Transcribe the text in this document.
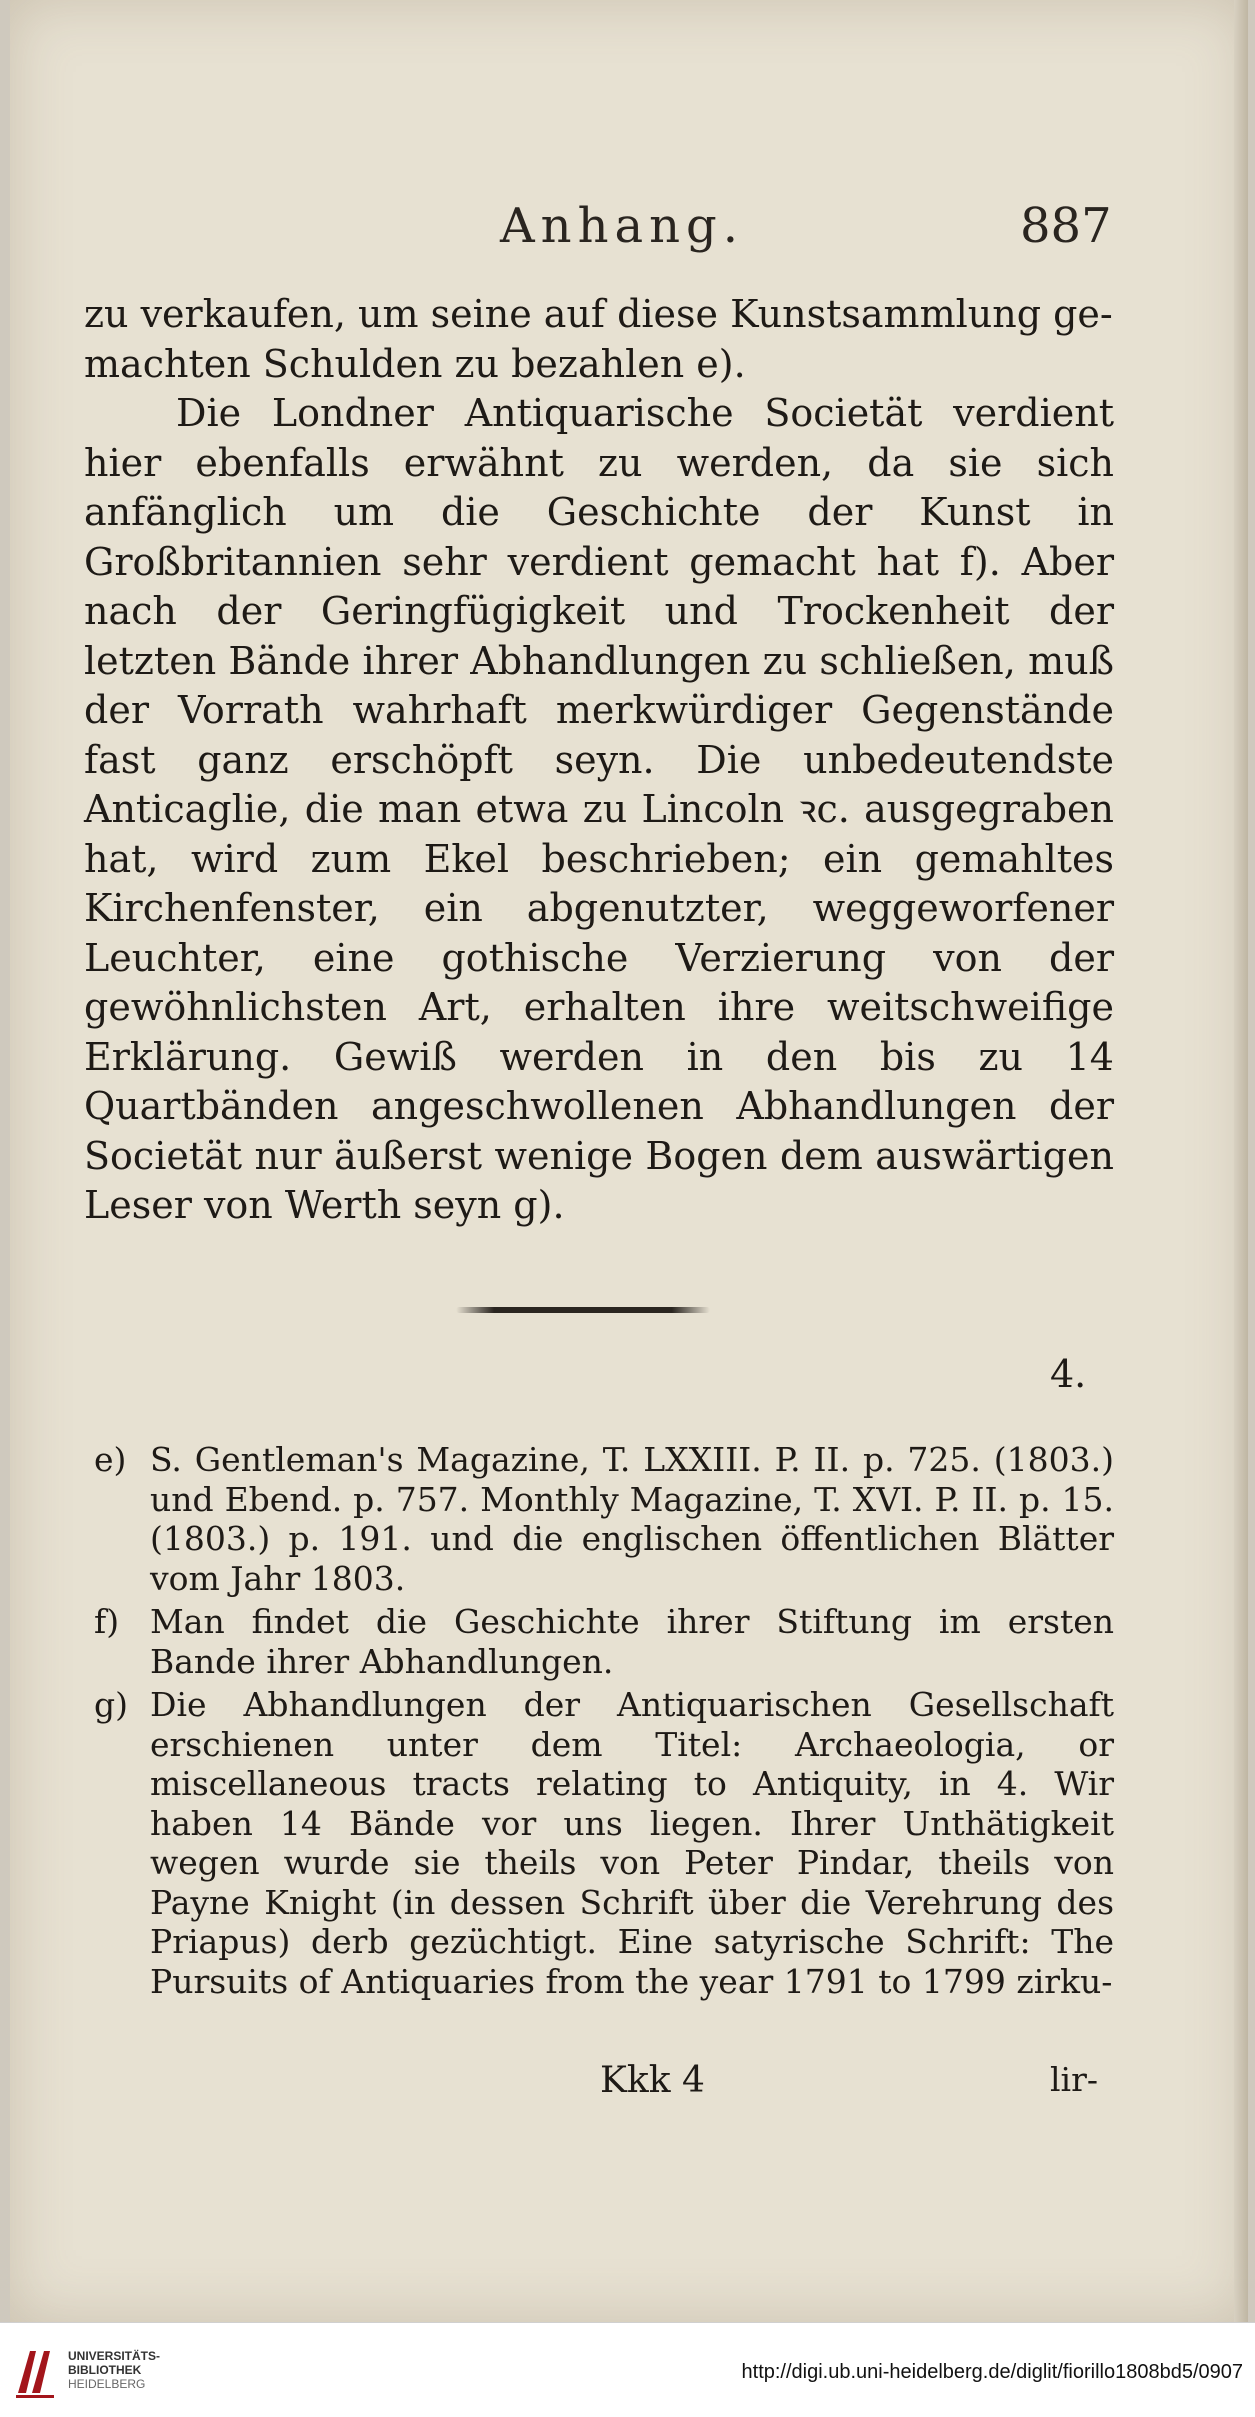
Anhang.	887

zu verkaufen, um seine auf diese Kunstsammlung ge-

machten Schulden zu bezahlen e).

Die Londner Antiquarische Societät verdient hier ebenfalls erwähnt zu werden, da sie sich anfänglich um die Geschichte der Kunst in Großbritannien sehr verdient gemacht hat f). Aber nach der Geringfügigkeit und Trockenheit der letzten Bände ihrer Abhandlungen zu schließen, muß der Vorrath wahrhaft merkwürdiger Gegenstände fast ganz erschöpft seyn. Die unbedeutendste Anticaglie, die man etwa zu Lincoln ꝛc. ausgegraben hat, wird zum Ekel beschrieben; ein gemahltes Kirchenfenster, ein abgenutzter, weggeworfener Leuchter, eine gothische Verzierung von der gewöhnlichsten Art, erhalten ihre weitschweifige Erklärung. Gewiß werden in den bis zu 14 Quartbänden angeschwollenen Abhandlungen der Societät nur äußerst wenige Bogen dem auswärtigen Leser von Werth seyn g).

4.
e) S. Gentleman's Magazine, T. LXXIII. P. II. p. 725. (1803.) und Ebend. p. 757. Monthly Magazine, T. XVI. P. II. p. 15. (1803.) p. 191. und die englischen öffentlichen Blätter vom Jahr 1803.
f) Man findet die Geschichte ihrer Stiftung im ersten Bande ihrer Abhandlungen.
g) Die Abhandlungen der Antiquarischen Gesellschaft erschienen unter dem Titel: Archaeologia, or miscellaneous tracts relating to Antiquity, in 4. Wir haben 14 Bände vor uns liegen. Ihrer Unthätigkeit wegen wurde sie theils von Peter Pindar, theils von Payne Knight (in dessen Schrift über die Verehrung des Priapus) derb gezüchtigt. Eine satyrische Schrift: The Pursuits of Antiquaries from the year 1791 to 1799 zirku-
Kkk 4	lir-
UNIVERSITÄTS-
BIBLIOTHEK
HEIDELBERG
http://digi.ub.uni-heidelberg.de/diglit/fiorillo1808bd5/0907
